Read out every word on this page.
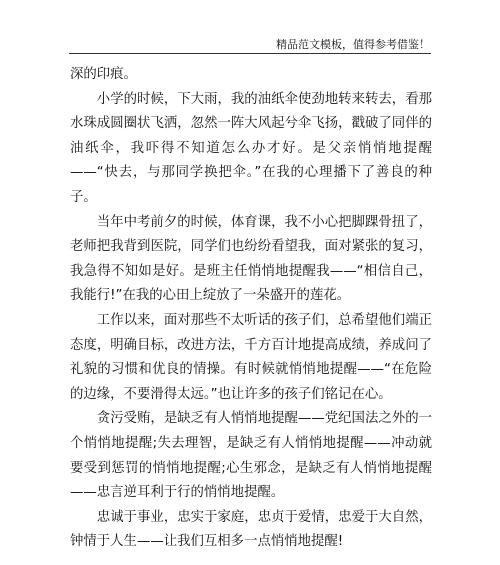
精品范文模板，值得参考借鉴！

深的印痕。

小学的时候，下大雨，我的油纸伞使劲地转来转去，看那水珠成圆圈状飞洒，忽然一阵大风起兮伞飞扬，戳破了同伴的油纸伞，我吓得不知道怎么办才好。是父亲悄悄地提醒——“快去，与那同学换把伞。”在我的心理播下了善良的种子。

当年中考前夕的时候，体育课，我不小心把脚踝骨扭了，老师把我背到医院，同学们也纷纷看望我，面对紧张的复习，我急得不知如是好。是班主任悄悄地提醒我——“相信自己，我能行!”在我的心田上绽放了一朵盛开的莲花。

工作以来，面对那些不太听话的孩子们，总希望他们端正态度，明确目标，改进方法，千方百计地提高成绩，养成问了礼貌的习惯和优良的情操。有时候就悄悄地提醒——“在危险的边缘，不要滑得太远。”也让许多的孩子们铭记在心。

贪污受贿，是缺乏有人悄悄地提醒——党纪国法之外的一个悄悄地提醒;失去理智，是缺乏有人悄悄地提醒——冲动就要受到惩罚的悄悄地提醒;心生邪念，是缺乏有人悄悄地提醒——忠言逆耳利于行的悄悄地提醒。

忠诚于事业，忠实于家庭，忠贞于爱情，忠爱于大自然，钟情于人生——让我们互相多一点悄悄地提醒!
